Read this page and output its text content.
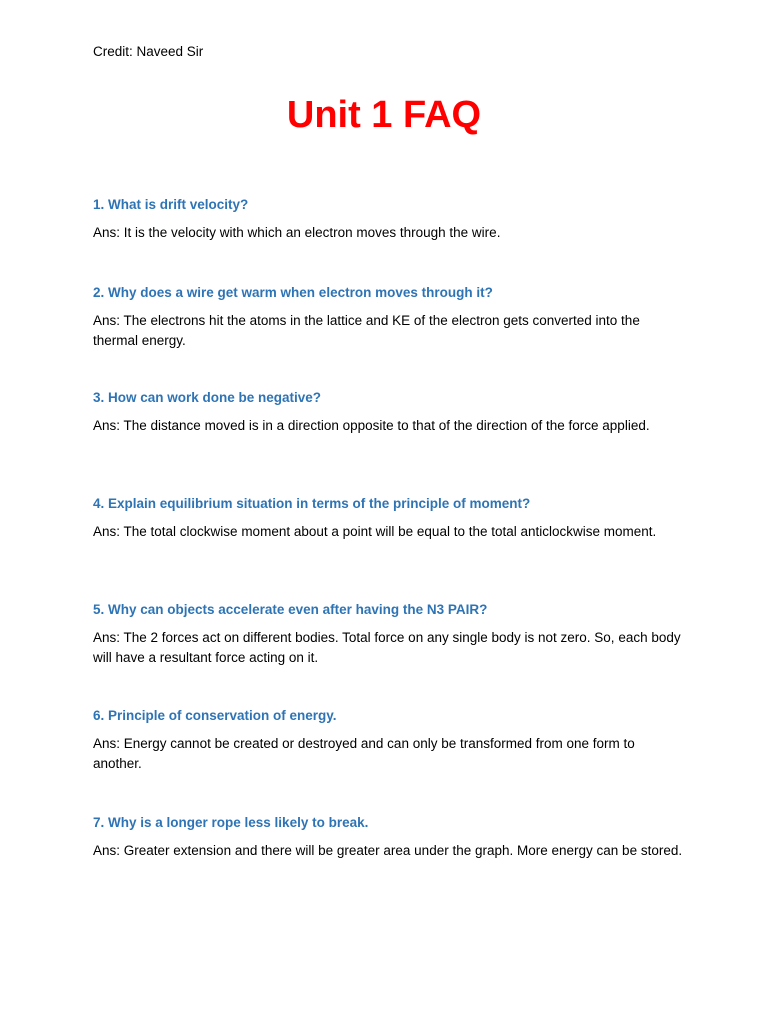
Credit: Naveed Sir
Unit 1 FAQ

1. What is drift velocity?

Ans: It is the velocity with which an electron moves through the wire.

2. Why does a wire get warm when electron moves through it?

Ans: The electrons hit the atoms in the lattice and KE of the electron gets converted into the thermal energy.

3. How can work done be negative?

Ans: The distance moved is in a direction opposite to that of the direction of the force applied.

4. Explain equilibrium situation in terms of the principle of moment?

Ans: The total clockwise moment about a point will be equal to the total anticlockwise moment.

5. Why can objects accelerate even after having the N3 PAIR?

Ans: The 2 forces act on different bodies. Total force on any single body is not zero. So, each body will have a resultant force acting on it.

6. Principle of conservation of energy.

Ans: Energy cannot be created or destroyed and can only be transformed from one form to another.

7. Why is a longer rope less likely to break.

Ans: Greater extension and there will be greater area under the graph. More energy can be stored.
